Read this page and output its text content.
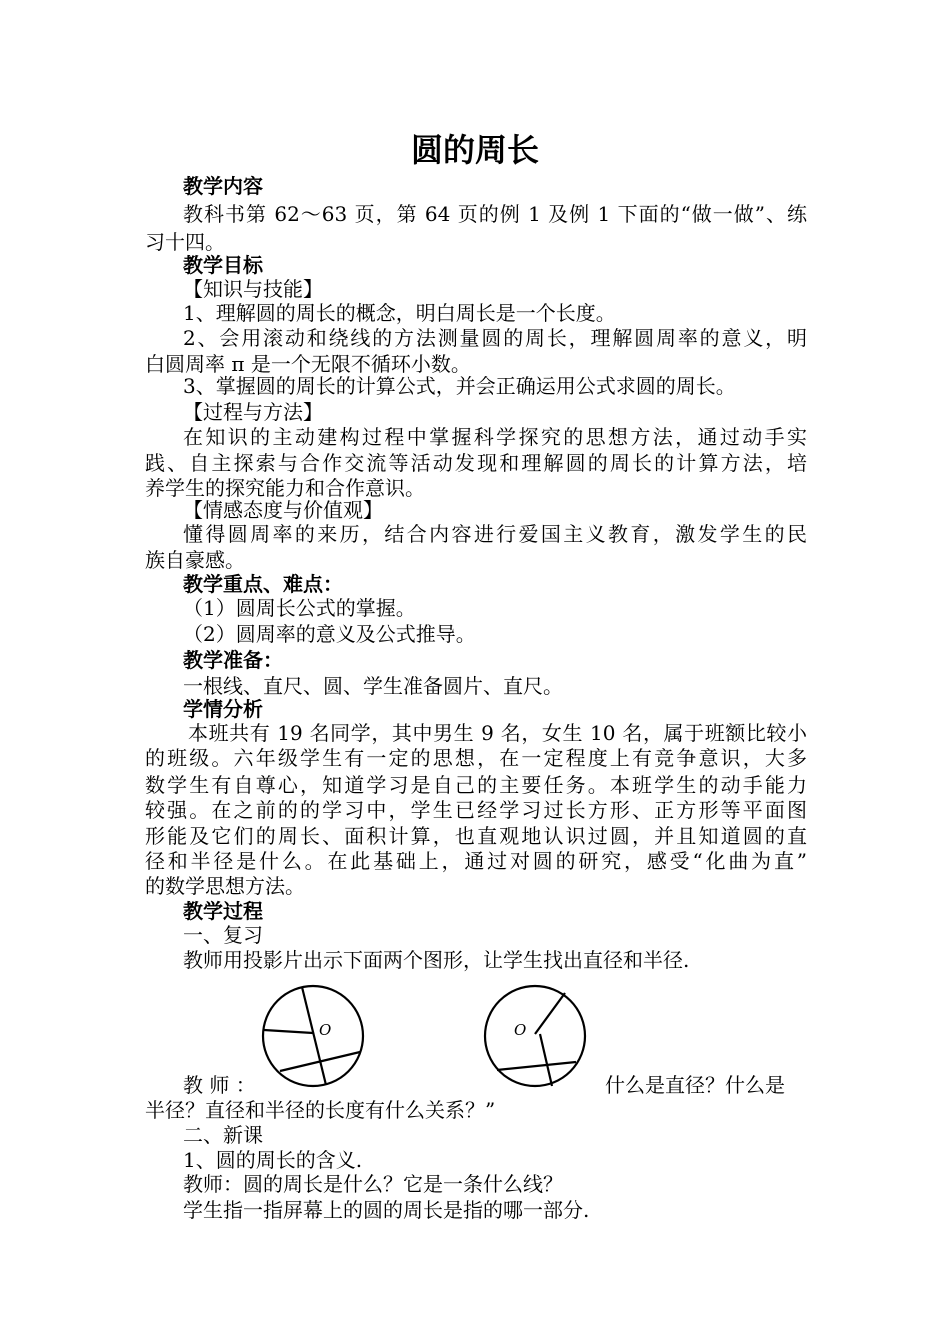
圆的周长
教学内容
教科书第 62～63 页，第 64 页的例 1 及例 1 下面的“做一做”、练
习十四。
教学目标
【知识与技能】
1、理解圆的周长的概念，明白周长是一个长度。
2、会用滚动和绕线的方法测量圆的周长，理解圆周率的意义，明
白圆周率 π 是一个无限不循环小数。
3、掌握圆的周长的计算公式，并会正确运用公式求圆的周长。
【过程与方法】
在知识的主动建构过程中掌握科学探究的思想方法，通过动手实
践、自主探索与合作交流等活动发现和理解圆的周长的计算方法，培
养学生的探究能力和合作意识。
【情感态度与价值观】
懂得圆周率的来历，结合内容进行爱国主义教育，激发学生的民
族自豪感。
教学重点、难点：
（1）圆周长公式的掌握。
（2）圆周率的意义及公式推导。
教学准备：
一根线、直尺、圆、学生准备圆片、直尺。
学情分析
本班共有 19 名同学，其中男生 9 名，女生 10 名，属于班额比较小
的班级。六年级学生有一定的思想，在一定程度上有竞争意识，大多
数学生有自尊心，知道学习是自己的主要任务。本班学生的动手能力
较强。在之前的的学习中，学生已经学习过长方形、正方形等平面图
形能及它们的周长、面积计算，也直观地认识过圆，并且知道圆的直
径和半径是什么。在此基础上，通过对圆的研究，感受“化曲为直”
的数学思想方法。
教学过程
一、复习
教师用投影片出示下面两个图形，让学生找出直径和半径.
O	O
教 师 ：	什么是直径？什么是
半径？直径和半径的长度有什么关系？”
二、新课
1、圆的周长的含义.
教师：圆的周长是什么？它是一条什么线？
学生指一指屏幕上的圆的周长是指的哪一部分.
